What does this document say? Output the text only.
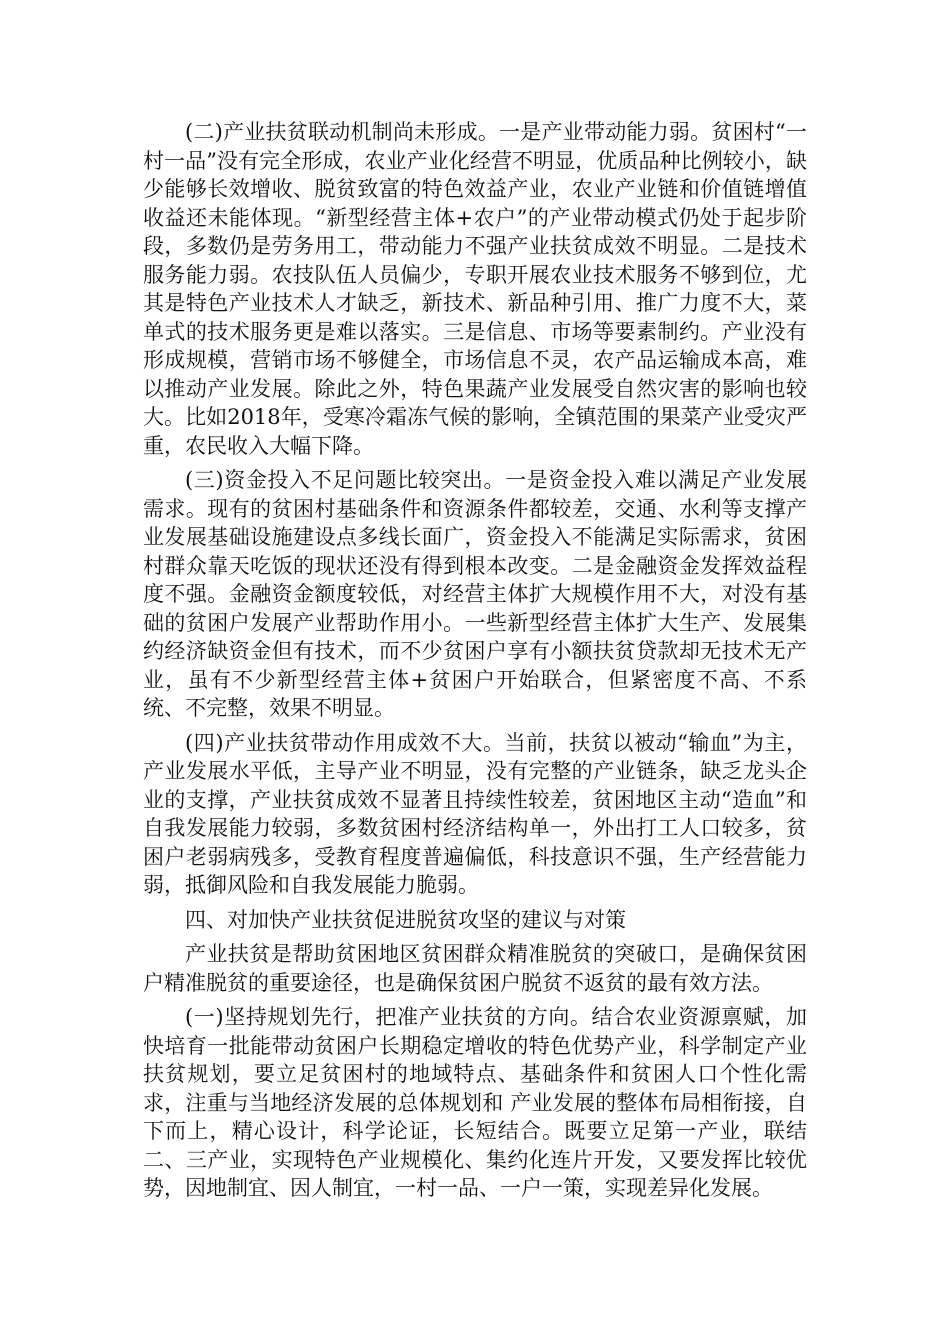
(二)产业扶贫联动机制尚未形成。一是产业带动能力弱。贫困村“一村一品”没有完全形成，农业产业化经营不明显，优质品种比例较小，缺少能够长效增收、脱贫致富的特色效益产业，农业产业链和价值链增值收益还未能体现。“新型经营主体+农户”的产业带动模式仍处于起步阶段，多数仍是劳务用工，带动能力不强产业扶贫成效不明显。二是技术服务能力弱。农技队伍人员偏少，专职开展农业技术服务不够到位，尤其是特色产业技术人才缺乏，新技术、新品种引用、推广力度不大，菜单式的技术服务更是难以落实。三是信息、市场等要素制约。产业没有形成规模，营销市场不够健全，市场信息不灵，农产品运输成本高，难以推动产业发展。除此之外，特色果蔬产业发展受自然灾害的影响也较大。比如2018年，受寒冷霜冻气候的影响，全镇范围的果菜产业受灾严重，农民收入大幅下降。

(三)资金投入不足问题比较突出。一是资金投入难以满足产业发展需求。现有的贫困村基础条件和资源条件都较差，交通、水利等支撑产业发展基础设施建设点多线长面广，资金投入不能满足实际需求，贫困村群众靠天吃饭的现状还没有得到根本改变。二是金融资金发挥效益程度不强。金融资金额度较低，对经营主体扩大规模作用不大，对没有基础的贫困户发展产业帮助作用小。一些新型经营主体扩大生产、发展集约经济缺资金但有技术，而不少贫困户享有小额扶贫贷款却无技术无产业，虽有不少新型经营主体+贫困户开始联合，但紧密度不高、不系统、不完整，效果不明显。

(四)产业扶贫带动作用成效不大。当前，扶贫以被动“输血”为主，产业发展水平低，主导产业不明显，没有完整的产业链条，缺乏龙头企业的支撑，产业扶贫成效不显著且持续性较差，贫困地区主动“造血”和自我发展能力较弱，多数贫困村经济结构单一，外出打工人口较多，贫困户老弱病残多，受教育程度普遍偏低，科技意识不强，生产经营能力弱，抵御风险和自我发展能力脆弱。

四、对加快产业扶贫促进脱贫攻坚的建议与对策

产业扶贫是帮助贫困地区贫困群众精准脱贫的突破口，是确保贫困户精准脱贫的重要途径，也是确保贫困户脱贫不返贫的最有效方法。

(一)坚持规划先行，把准产业扶贫的方向。结合农业资源禀赋，加快培育一批能带动贫困户长期稳定增收的特色优势产业，科学制定产业扶贫规划，要立足贫困村的地域特点、基础条件和贫困人口个性化需求，注重与当地经济发展的总体规划和 产业发展的整体布局相衔接，自下而上，精心设计，科学论证，长短结合。既要立足第一产业，联结二、三产业，实现特色产业规模化、集约化连片开发，又要发挥比较优势，因地制宜、因人制宜，一村一品、一户一策，实现差异化发展。
